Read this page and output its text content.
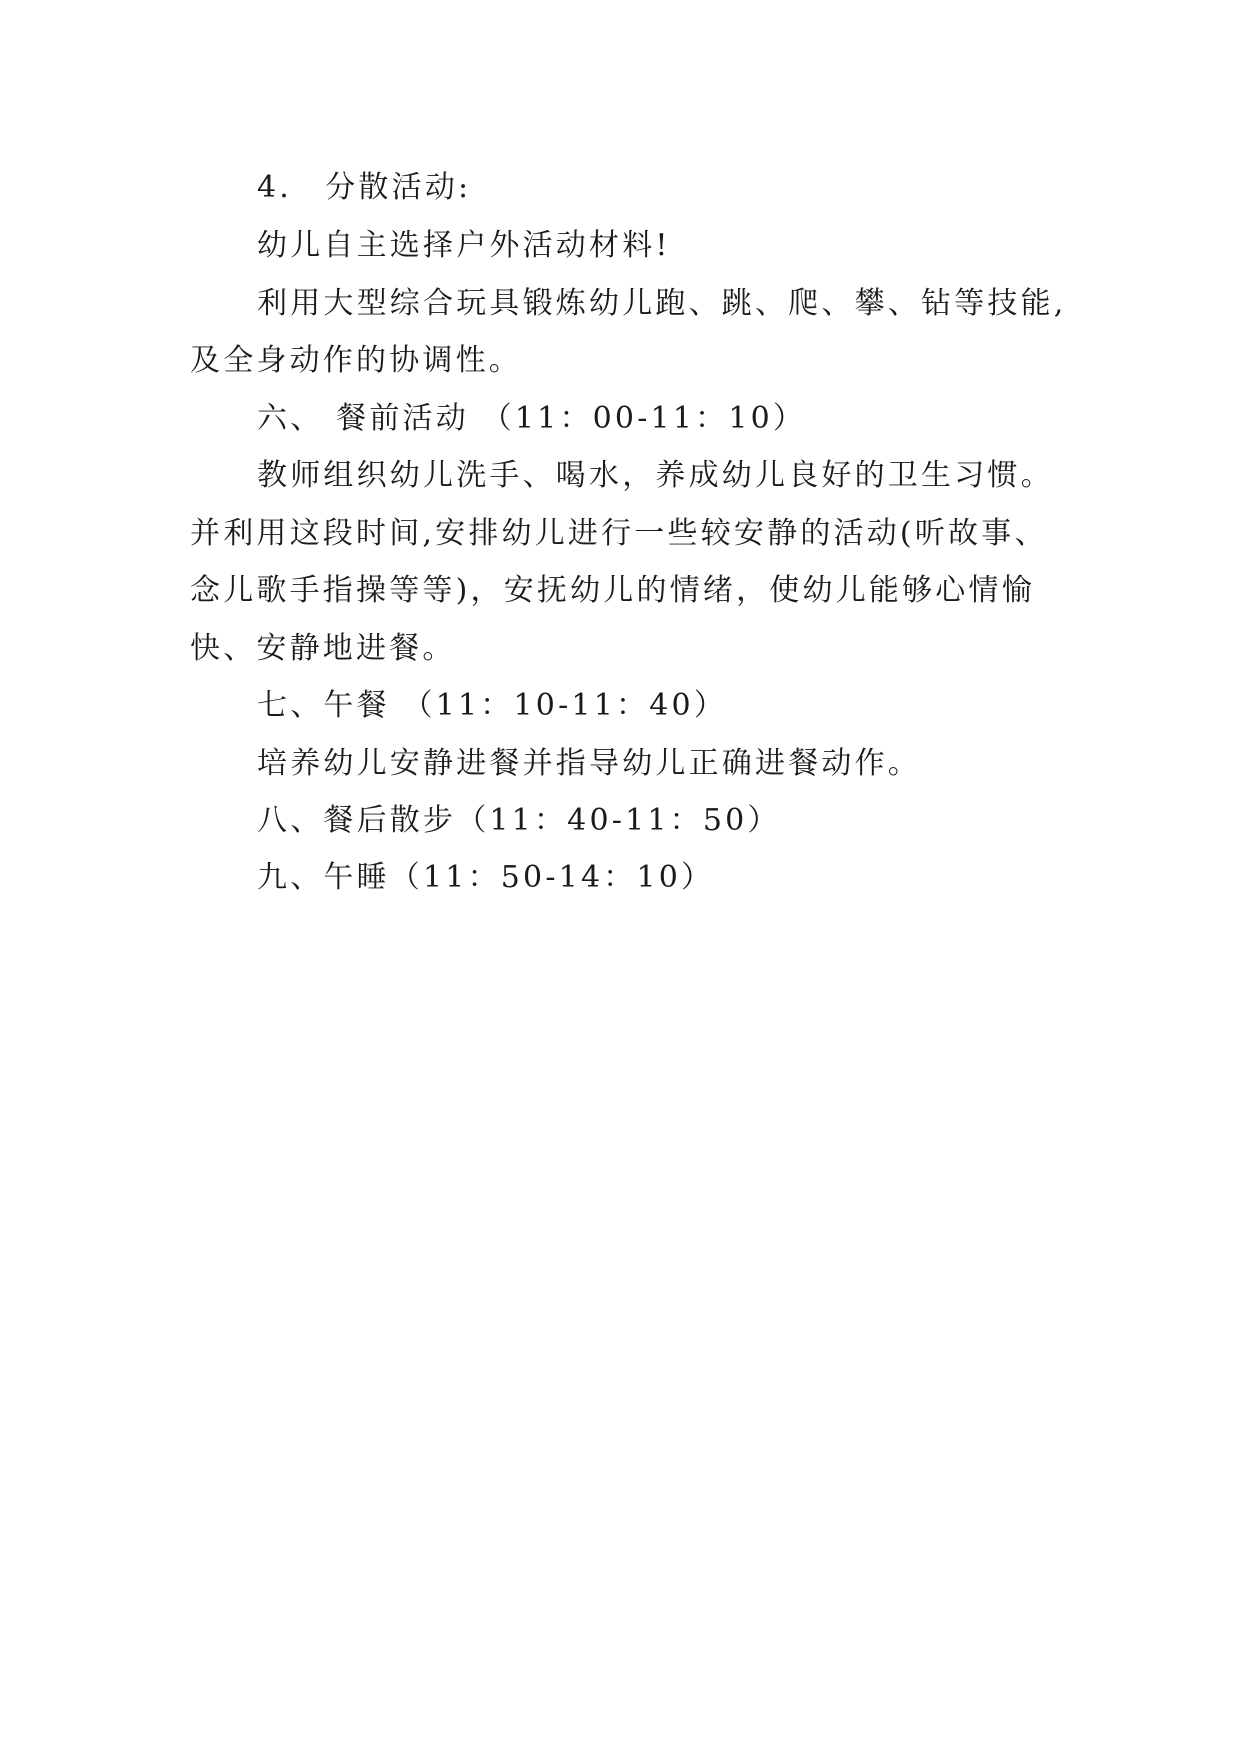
4.　分散活动:
幼儿自主选择户外活动材料!
利用大型综合玩具锻炼幼儿跑、跳、爬、攀、钻等技能,
及全身动作的协调性。
六、 餐前活动 （11：00-11：10）
教师组织幼儿洗手、喝水，养成幼儿良好的卫生习惯。
并利用这段时间,安排幼儿进行一些较安静的活动(听故事、
念儿歌手指操等等)，安抚幼儿的情绪，使幼儿能够心情愉
快、安静地进餐。
七、午餐 （11：10-11：40）
培养幼儿安静进餐并指导幼儿正确进餐动作。
八、餐后散步（11：40-11：50）
九、午睡（11：50-14：10）
